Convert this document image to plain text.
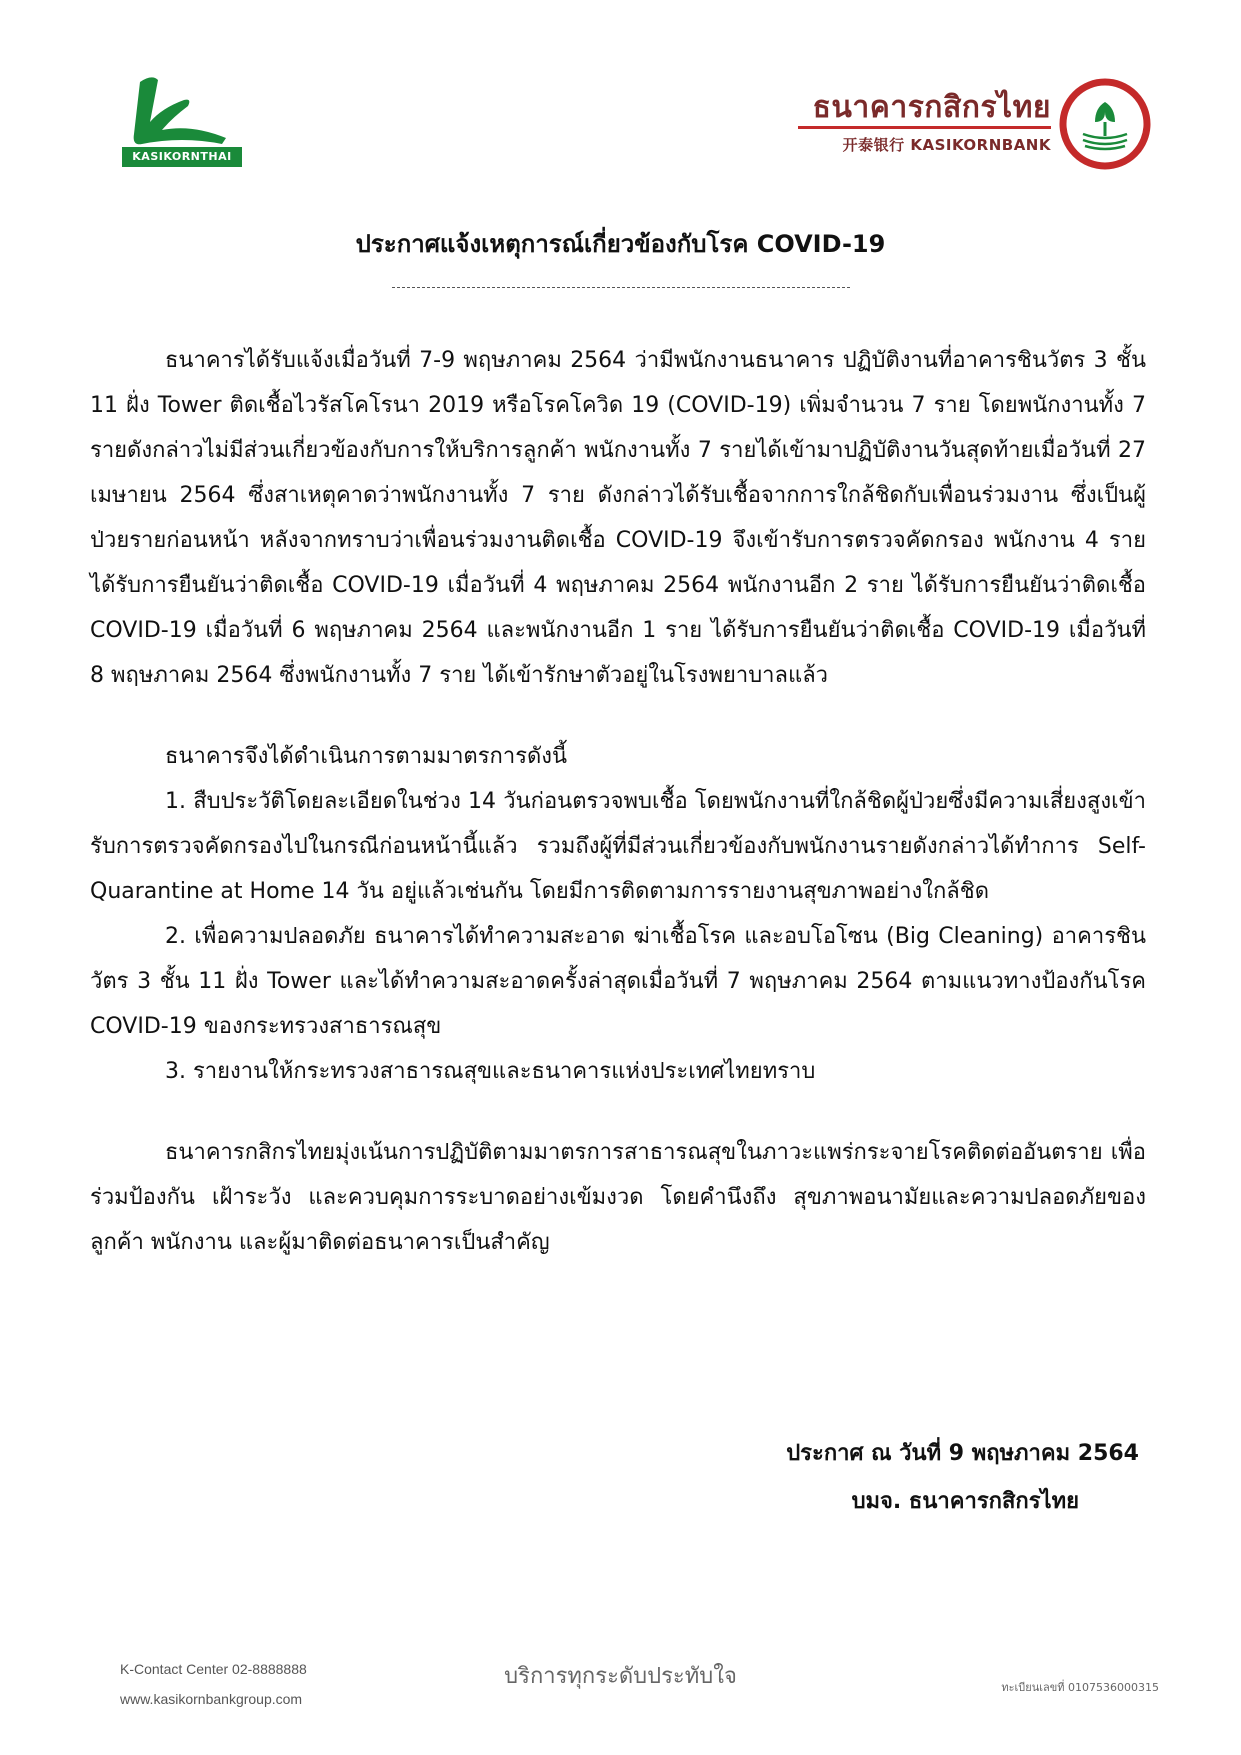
KASIKORNTHAI
ธนาคารกสิกรไทย
开泰银行 KASIKORNBANK
ประกาศแจ้งเหตุการณ์เกี่ยวข้องกับโรค COVID-19

ธนาคารได้รับแจ้งเมื่อวันที่ 7-9 พฤษภาคม 2564 ว่ามีพนักงานธนาคาร ปฏิบัติงานที่อาคารชินวัตร 3 ชั้น 11 ฝั่ง Tower ติดเชื้อไวรัสโคโรนา 2019 หรือโรคโควิด 19 (COVID-19) เพิ่มจำนวน 7 ราย โดยพนักงานทั้ง 7 รายดังกล่าวไม่มีส่วนเกี่ยวข้องกับการให้บริการลูกค้า พนักงานทั้ง 7 รายได้เข้ามาปฏิบัติงานวันสุดท้ายเมื่อวันที่ 27 เมษายน 2564 ซึ่งสาเหตุคาดว่าพนักงานทั้ง 7 ราย ดังกล่าวได้รับเชื้อจากการใกล้ชิดกับเพื่อนร่วมงาน ซึ่งเป็นผู้ป่วยรายก่อนหน้า หลังจากทราบว่าเพื่อนร่วมงานติดเชื้อ COVID-19 จึงเข้ารับการตรวจคัดกรอง พนักงาน 4 ราย ได้รับการยืนยันว่าติดเชื้อ COVID-19 เมื่อวันที่ 4 พฤษภาคม 2564 พนักงานอีก 2 ราย ได้รับการยืนยันว่าติดเชื้อ COVID-19 เมื่อวันที่ 6 พฤษภาคม 2564 และพนักงานอีก 1 ราย ได้รับการยืนยันว่าติดเชื้อ COVID-19 เมื่อวันที่ 8 พฤษภาคม 2564 ซึ่งพนักงานทั้ง 7 ราย ได้เข้ารักษาตัวอยู่ในโรงพยาบาลแล้ว

ธนาคารจึงได้ดำเนินการตามมาตรการดังนี้

1. สืบประวัติโดยละเอียดในช่วง 14 วันก่อนตรวจพบเชื้อ โดยพนักงานที่ใกล้ชิดผู้ป่วยซึ่งมีความเสี่ยงสูงเข้ารับการตรวจคัดกรองไปในกรณีก่อนหน้านี้แล้ว รวมถึงผู้ที่มีส่วนเกี่ยวข้องกับพนักงานรายดังกล่าวได้ทำการ Self-Quarantine at Home 14 วัน อยู่แล้วเช่นกัน โดยมีการติดตามการรายงานสุขภาพอย่างใกล้ชิด

2. เพื่อความปลอดภัย ธนาคารได้ทำความสะอาด ฆ่าเชื้อโรค และอบโอโซน (Big Cleaning) อาคารชินวัตร 3 ชั้น 11 ฝั่ง Tower และได้ทำความสะอาดครั้งล่าสุดเมื่อวันที่ 7 พฤษภาคม 2564 ตามแนวทางป้องกันโรค COVID-19 ของกระทรวงสาธารณสุข

3. รายงานให้กระทรวงสาธารณสุขและธนาคารแห่งประเทศไทยทราบ

ธนาคารกสิกรไทยมุ่งเน้นการปฏิบัติตามมาตรการสาธารณสุขในภาวะแพร่กระจายโรคติดต่ออันตราย เพื่อร่วมป้องกัน เฝ้าระวัง และควบคุมการระบาดอย่างเข้มงวด โดยคำนึงถึง สุขภาพอนามัยและความปลอดภัยของลูกค้า พนักงาน และผู้มาติดต่อธนาคารเป็นสำคัญ

ประกาศ ณ วันที่ 9 พฤษภาคม 2564
บมจ. ธนาคารกสิกรไทย
K-Contact Center 02-8888888
www.kasikornbankgroup.com
บริการทุกระดับประทับใจ	ทะเบียนเลขที่ 0107536000315
